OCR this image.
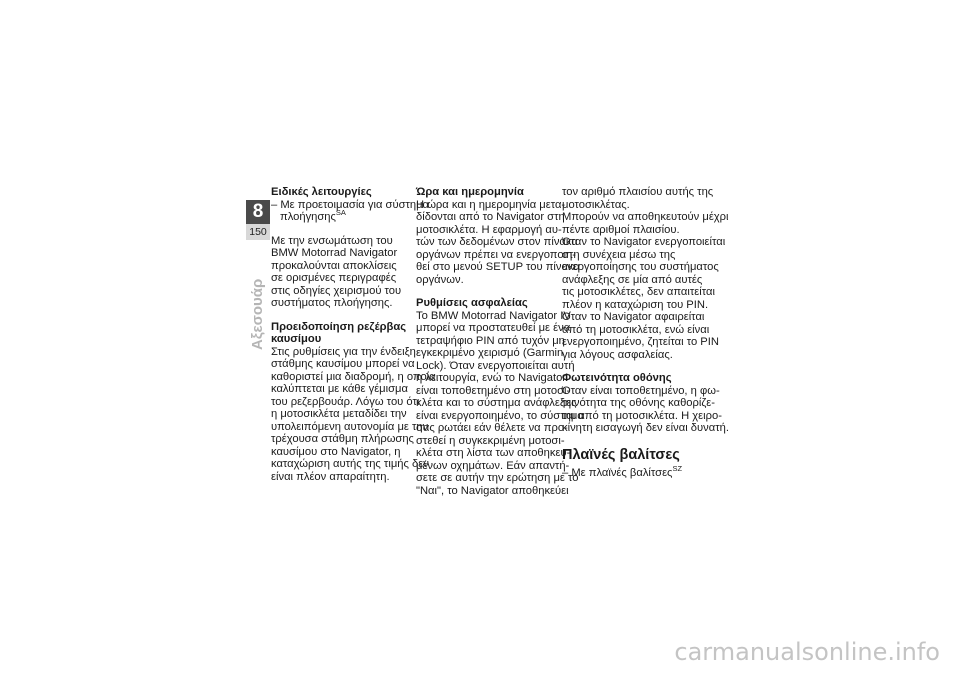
8
150
Αξεσουάρ
Ειδικές λειτουργίες
– Με προετοιμασία για σύστημα
πλοήγησης$^{SA}$
Με την ενσωμάτωση του
BMW Motorrad Navigator
προκαλούνται αποκλίσεις
σε ορισμένες περιγραφές
στις οδηγίες χειρισμού του
συστήματος πλοήγησης.
Προειδοποίηση ρεζέρβας
καυσίμου
Στις ρυθμίσεις για την ένδειξη
στάθμης καυσίμου μπορεί να
καθοριστεί μια διαδρομή, η οποία
καλύπτεται με κάθε γέμισμα
του ρεζερβουάρ. Λόγω του ότι
η μοτοσικλέτα μεταδίδει την
υπολειπόμενη αυτονομία με την
τρέχουσα στάθμη πλήρωσης
καυσίμου στο Navigator, η
καταχώριση αυτής της τιμής δεν
είναι πλέον απαραίτητη.
Ώρα και ημερομηνία
Η ώρα και η ημερομηνία μετα-
δίδονται από το Navigator στη
μοτοσικλέτα. Η εφαρμογή αυ-
τών των δεδομένων στον πίνακα
οργάνων πρέπει να ενεργοποιη-
θεί στο μενού SETUP του πίνακα
οργάνων.
Ρυθμίσεις ασφαλείας
Το BMW Motorrad Navigator IV
μπορεί να προστατευθεί με ένα
τετραψήφιο PIN από τυχόν μη
εγκεκριμένο χειρισμό (Garmin
Lock). Όταν ενεργοποιείται αυτή
η λειτουργία, ενώ το Navigator
είναι τοποθετημένο στη μοτοσι-
κλέτα και το σύστημα ανάφλεξης
είναι ενεργοποιημένο, το σύστημα
σας ρωτάει εάν θέλετε να προ-
στεθεί η συγκεκριμένη μοτοσι-
κλέτα στη λίστα των αποθηκευ-
μένων οχημάτων. Εάν απαντή-
σετε σε αυτήν την ερώτηση με το
"Ναι", το Navigator αποθηκεύει
τον αριθμό πλαισίου αυτής της
μοτοσικλέτας.
Μπορούν να αποθηκευτούν μέχρι
πέντε αριθμοί πλαισίου.
Όταν το Navigator ενεργοποιείται
στη συνέχεια μέσω της
ενεργοποίησης του συστήματος
ανάφλεξης σε μία από αυτές
τις μοτοσικλέτες, δεν απαιτείται
πλέον η καταχώριση του PIN.
Όταν το Navigator αφαιρείται
από τη μοτοσικλέτα, ενώ είναι
ενεργοποιημένο, ζητείται το PIN
για λόγους ασφαλείας.
Φωτεινότητα οθόνης
Όταν είναι τοποθετημένο, η φω-
τεινότητα της οθόνης καθορίζε-
ται από τη μοτοσικλέτα. Η χειρο-
κίνητη εισαγωγή δεν είναι δυνατή.
Πλαϊνές βαλίτσες
– Με πλαϊνές βαλίτσες$^{SZ}$
carmanualsonline.info
